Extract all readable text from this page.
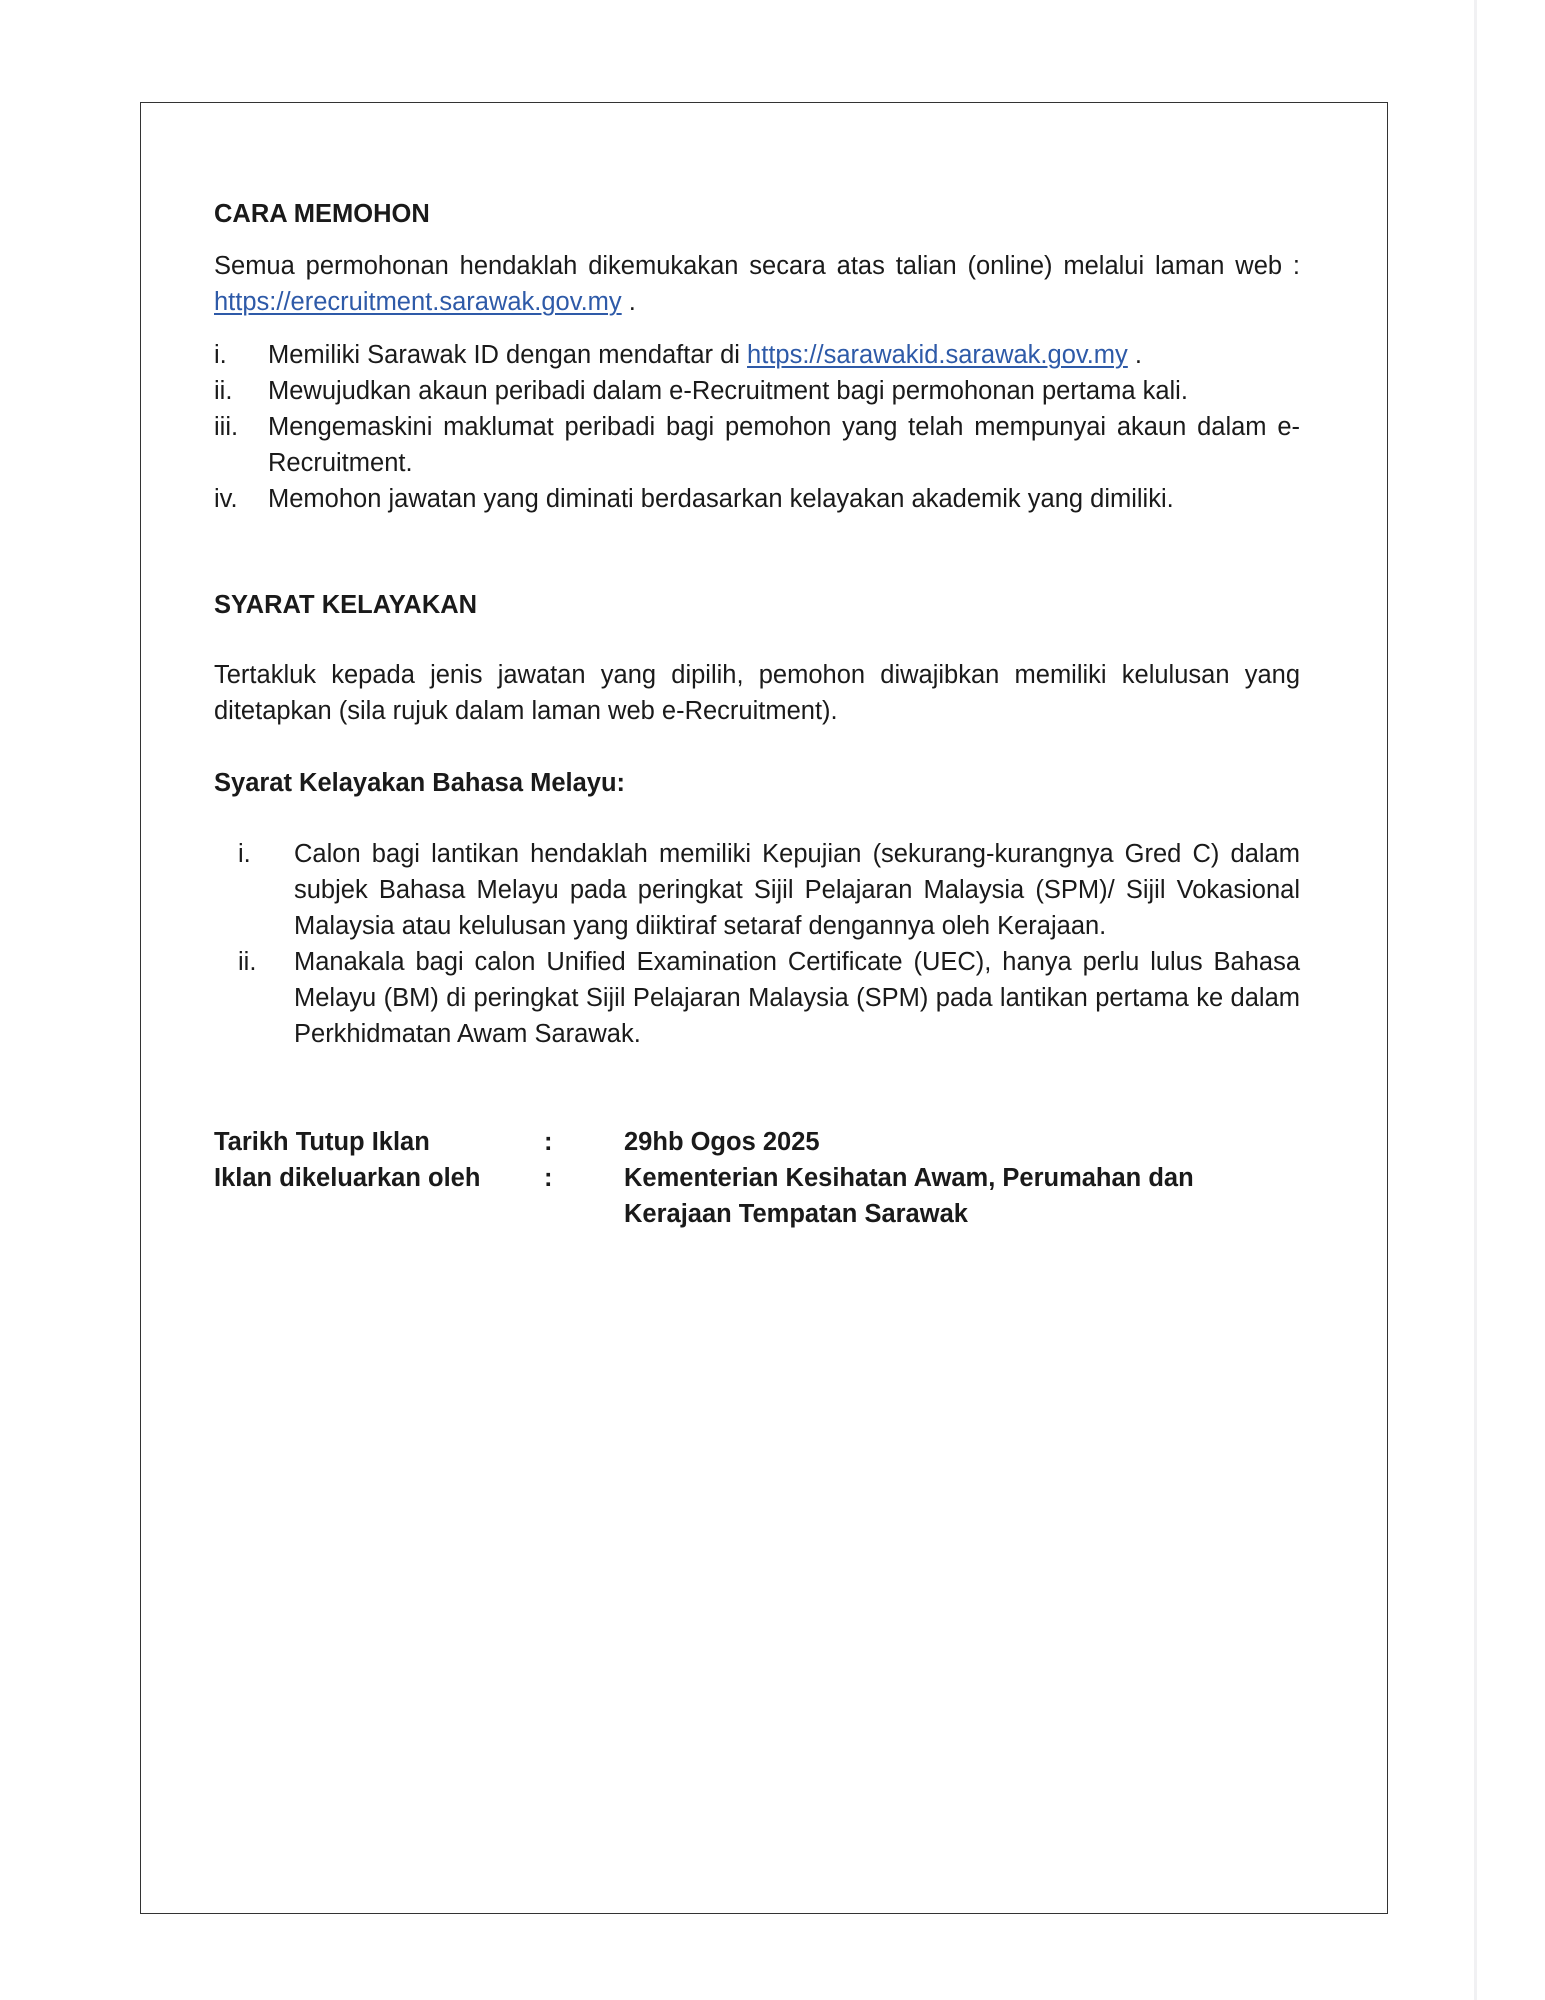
CARA MEMOHON

Semua permohonan hendaklah dikemukakan secara atas talian (online) melalui laman web : https://erecruitment.sarawak.gov.my .

i.	Memiliki Sarawak ID dengan mendaftar di https://sarawakid.sarawak.gov.my .
ii.	Mewujudkan akaun peribadi dalam e-Recruitment bagi permohonan pertama kali.
iii.	Mengemaskini maklumat peribadi bagi pemohon yang telah mempunyai akaun dalam e-Recruitment.
iv.	Memohon jawatan yang diminati berdasarkan kelayakan akademik yang dimiliki.

SYARAT KELAYAKAN

Tertakluk kepada jenis jawatan yang dipilih, pemohon diwajibkan memiliki kelulusan yang ditetapkan (sila rujuk dalam laman web e-Recruitment).

Syarat Kelayakan Bahasa Melayu:

i.	Calon bagi lantikan hendaklah memiliki Kepujian (sekurang-kurangnya Gred C) dalam subjek Bahasa Melayu pada peringkat Sijil Pelajaran Malaysia (SPM)/ Sijil Vokasional Malaysia atau kelulusan yang diiktiraf setaraf dengannya oleh Kerajaan.
ii.	Manakala bagi calon Unified Examination Certificate (UEC), hanya perlu lulus Bahasa Melayu (BM) di peringkat Sijil Pelajaran Malaysia (SPM) pada lantikan pertama ke dalam Perkhidmatan Awam Sarawak.
Tarikh Tutup Iklan	:	29hb Ogos 2025
Iklan dikeluarkan oleh	:	Kementerian Kesihatan Awam, Perumahan dan
Kerajaan Tempatan Sarawak
